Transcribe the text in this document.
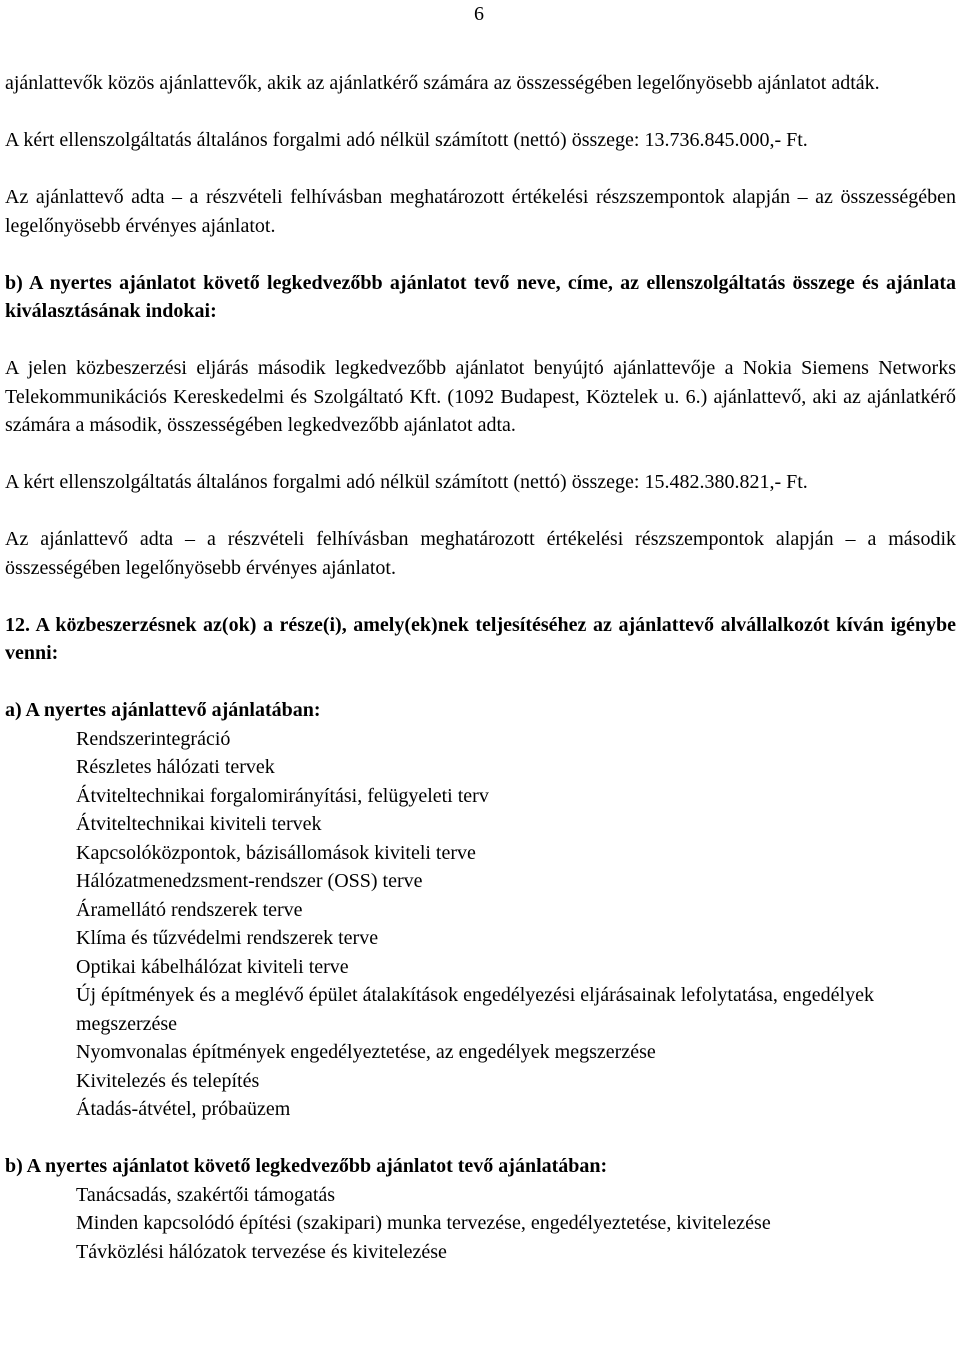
6

ajánlattevők közös ajánlattevők, akik az ajánlatkérő számára az összességében legelőnyösebb ajánlatot adták.

A kért ellenszolgáltatás általános forgalmi adó nélkül számított (nettó) összege: 13.736.845.000,- Ft.

Az ajánlattevő adta – a részvételi felhívásban meghatározott értékelési részszempontok alapján – az összességében legelőnyösebb érvényes ajánlatot.

b) A nyertes ajánlatot követő legkedvezőbb ajánlatot tevő neve, címe, az ellenszolgáltatás összege és ajánlata kiválasztásának indokai:

A jelen közbeszerzési eljárás második legkedvezőbb ajánlatot benyújtó ajánlattevője a Nokia Siemens Networks Telekommunikációs Kereskedelmi és Szolgáltató Kft. (1092 Budapest, Köztelek u. 6.) ajánlattevő, aki az ajánlatkérő számára a második, összességében legkedvezőbb ajánlatot adta.

A kért ellenszolgáltatás általános forgalmi adó nélkül számított (nettó) összege: 15.482.380.821,- Ft.

Az ajánlattevő adta – a részvételi felhívásban meghatározott értékelési részszempontok alapján – a második összességében legelőnyösebb érvényes ajánlatot.

12. A közbeszerzésnek az(ok) a része(i), amely(ek)nek teljesítéséhez az ajánlattevő alvállalkozót kíván igénybe venni:

a) A nyertes ajánlattevő ajánlatában:

Rendszerintegráció
Részletes hálózati tervek
Átviteltechnikai forgalomirányítási, felügyeleti terv
Átviteltechnikai kiviteli tervek
Kapcsolóközpontok, bázisállomások kiviteli terve
Hálózatmenedzsment-rendszer (OSS) terve
Áramellátó rendszerek terve
Klíma és tűzvédelmi rendszerek terve
Optikai kábelhálózat kiviteli terve
Új építmények és a meglévő épület átalakítások engedélyezési eljárásainak lefolytatása, engedélyek megszerzése
Nyomvonalas építmények engedélyeztetése, az engedélyek megszerzése
Kivitelezés és telepítés
Átadás-átvétel, próbaüzem

b) A nyertes ajánlatot követő legkedvezőbb ajánlatot tevő ajánlatában:

Tanácsadás, szakértői támogatás
Minden kapcsolódó építési (szakipari) munka tervezése, engedélyeztetése, kivitelezése
Távközlési hálózatok tervezése és kivitelezése
